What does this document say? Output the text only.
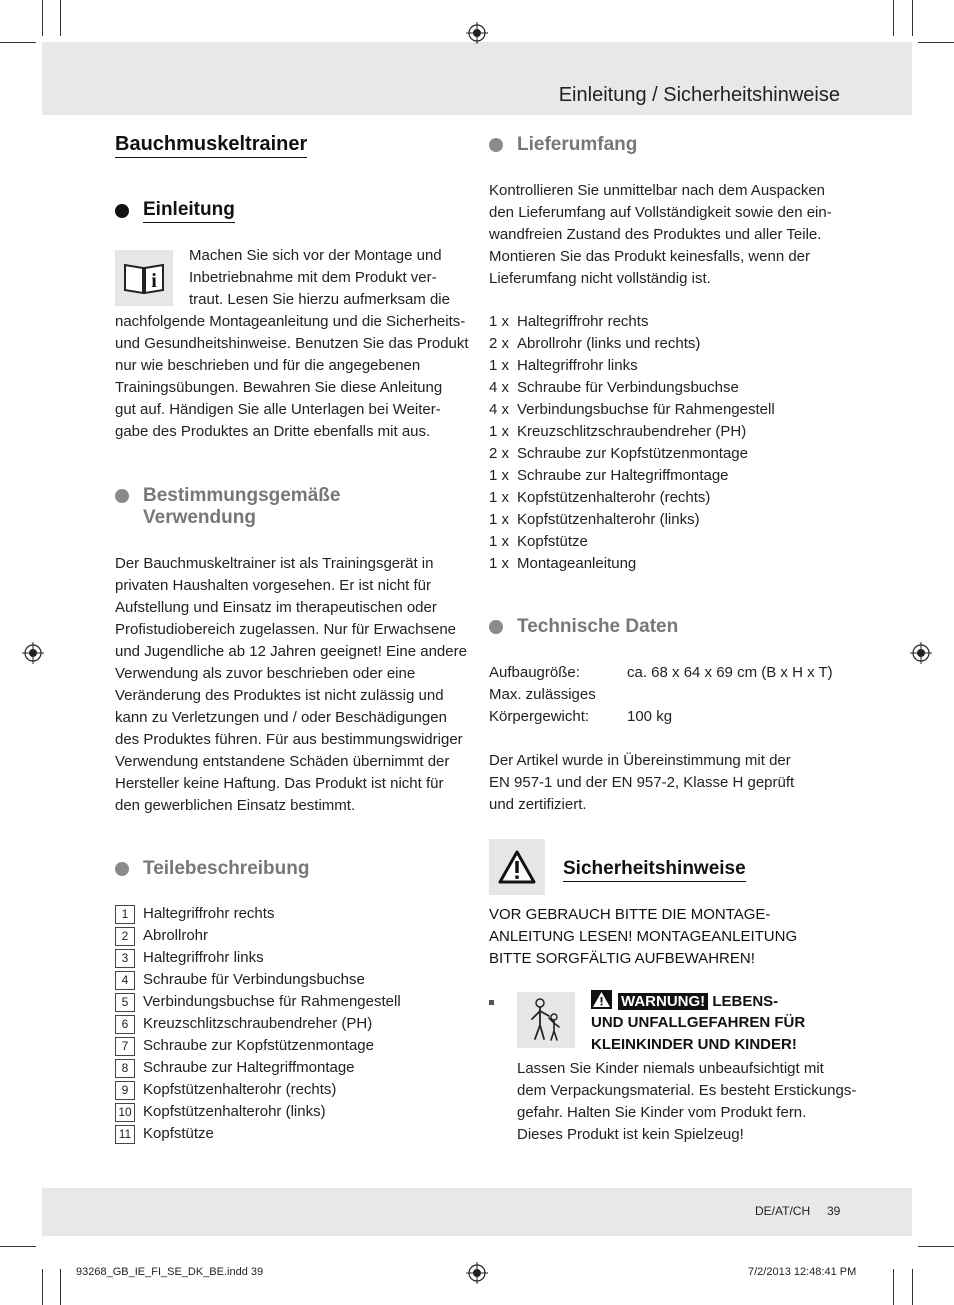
Einleitung / Sicherheitshinweise
DE/AT/CH 39
93268_GB_IE_FI_SE_DK_BE.indd 39	7/2/2013 12:48:41 PM
Bauchmuskeltrainer
Einleitung
i

Machen Sie sich vor der Montage und

Inbetriebnahme mit dem Produkt ver-

traut. Lesen Sie hierzu aufmerksam die

nachfolgende Montageanleitung und die Sicherheits-

und Gesundheitshinweise. Benutzen Sie das Produkt

nur wie beschrieben und für die angegebenen

Trainingsübungen. Bewahren Sie diese Anleitung

gut auf. Händigen Sie alle Unterlagen bei Weiter-

gabe des Produktes an Dritte ebenfalls mit aus.

Bestimmungsgemäße
Verwendung

Der Bauchmuskeltrainer ist als Trainingsgerät in

privaten Haushalten vorgesehen. Er ist nicht für

Aufstellung und Einsatz im therapeutischen oder

Profistudiobereich zugelassen. Nur für Erwachsene

und Jugendliche ab 12 Jahren geeignet! Eine andere

Verwendung als zuvor beschrieben oder eine

Veränderung des Produktes ist nicht zulässig und

kann zu Verletzungen und / oder Beschädigungen

des Produktes führen. Für aus bestimmungswidriger

Verwendung entstandene Schäden übernimmt der

Hersteller keine Haftung. Das Produkt ist nicht für

den gewerblichen Einsatz bestimmt.

Teilebeschreibung
1 Haltegriffrohr rechts
2 Abrollrohr
3 Haltegriffrohr links
4 Schraube für Verbindungsbuchse
5 Verbindungsbuchse für Rahmengestell
6 Kreuzschlitzschraubendreher (PH)
7 Schraube zur Kopfstützenmontage
8 Schraube zur Haltegriffmontage
9 Kopfstützenhalterohr (rechts)
10 Kopfstützenhalterohr (links)
11 Kopfstütze
Lieferumfang

Kontrollieren Sie unmittelbar nach dem Auspacken

den Lieferumfang auf Vollständigkeit sowie den ein-

wandfreien Zustand des Produktes und aller Teile.

Montieren Sie das Produkt keinesfalls, wenn der

Lieferumfang nicht vollständig ist.

1 x Haltegriffrohr rechts
2 x Abrollrohr (links und rechts)
1 x Haltegriffrohr links
4 x Schraube für Verbindungsbuchse
4 x Verbindungsbuchse für Rahmengestell
1 x Kreuzschlitzschraubendreher (PH)
2 x Schraube zur Kopfstützenmontage
1 x Schraube zur Haltegriffmontage
1 x Kopfstützenhalterohr (rechts)
1 x Kopfstützenhalterohr (links)
1 x Kopfstütze
1 x Montageanleitung
Technische Daten
Aufbaugröße:	ca. 68 x 64 x 69 cm (B x H x T)
Max. zulässiges
Körpergewicht:	100 kg

Der Artikel wurde in Übereinstimmung mit der

EN 957-1 und der EN 957-2, Klasse H geprüft

und zertifiziert.

Sicherheitshinweise

VOR GEBRAUCH BITTE DIE MONTAGE-

ANLEITUNG LESEN! MONTAGEANLEITUNG

BITTE SORGFÄLTIG AUFBEWAHREN!

WARNUNG! LEBENS-

UND UNFALLGEFAHREN FÜR

KLEINKINDER UND KINDER!

Lassen Sie Kinder niemals unbeaufsichtigt mit

dem Verpackungsmaterial. Es besteht Erstickungs-

gefahr. Halten Sie Kinder vom Produkt fern.

Dieses Produkt ist kein Spielzeug!
